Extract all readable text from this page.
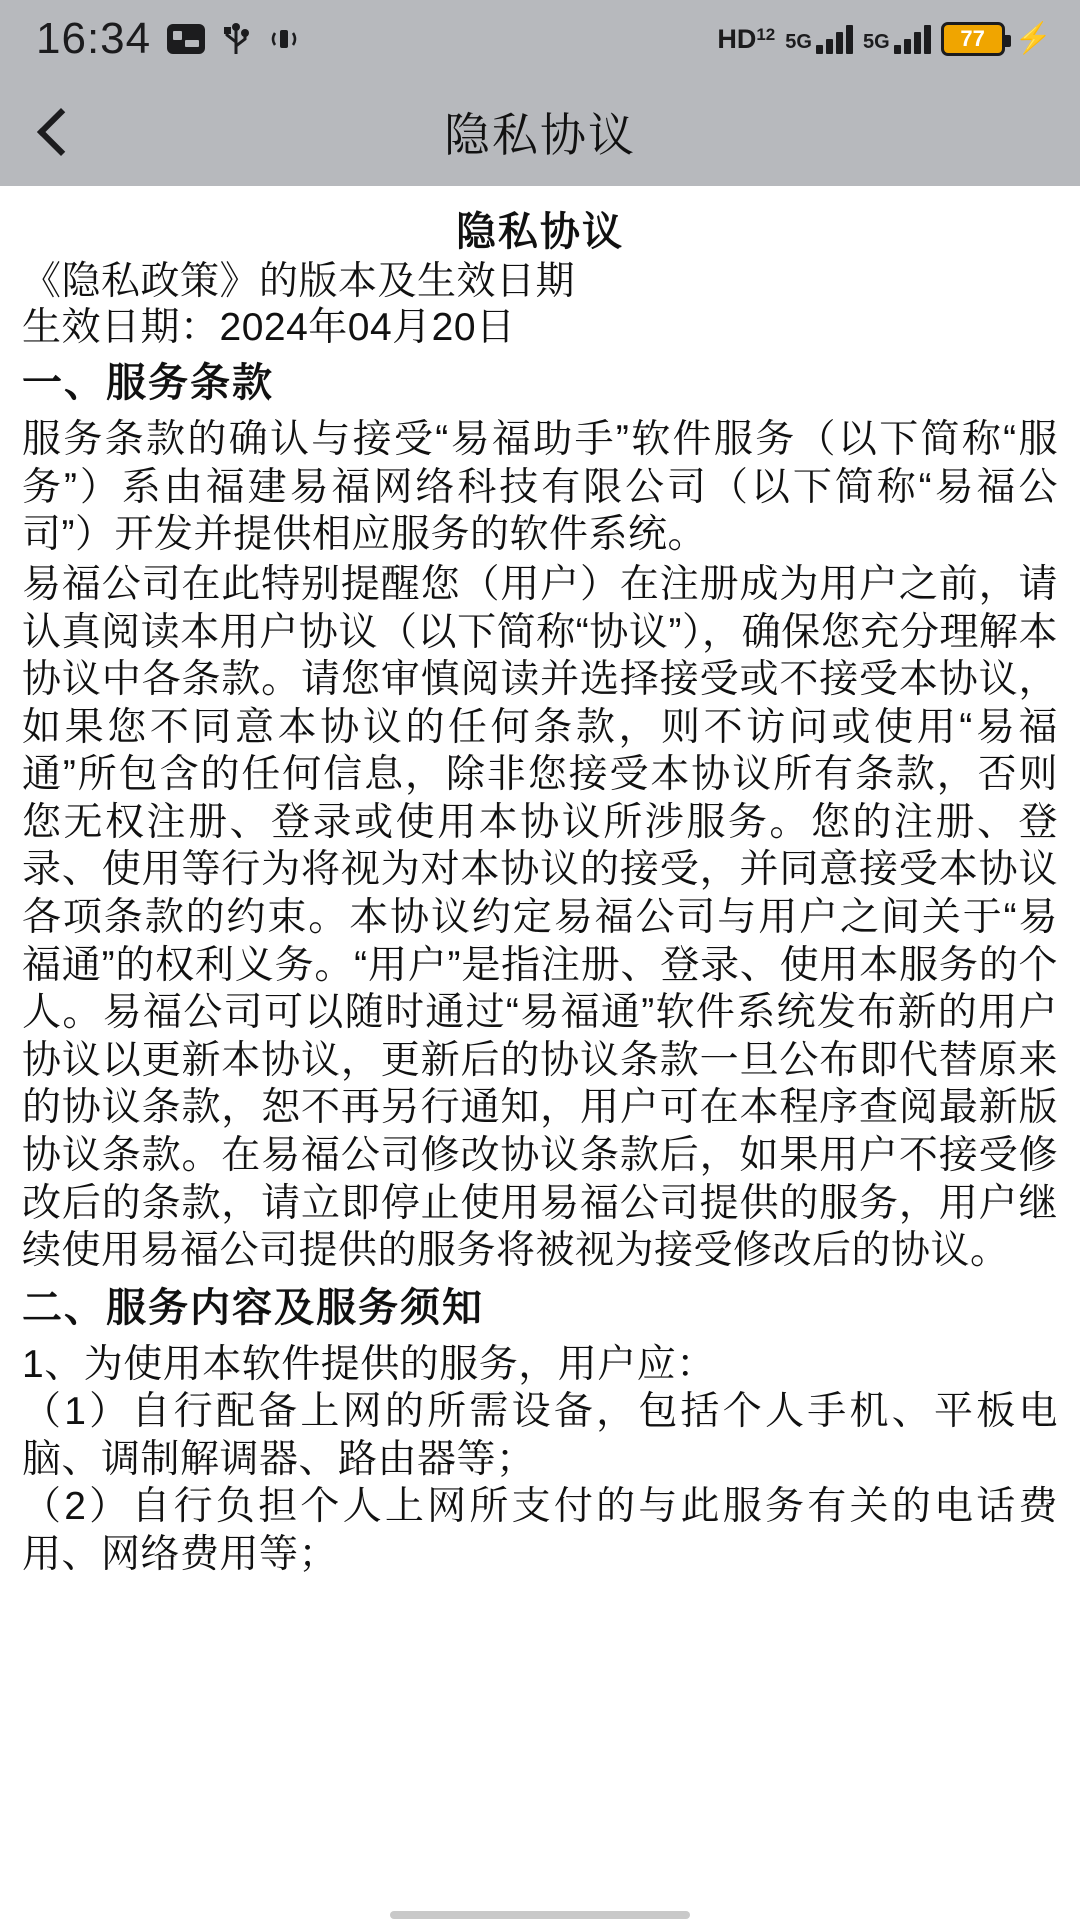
16:34	HD 1 2 5G	5G	77 ⚡
隐私协议
隐私协议
《隐私政策》的版本及生效日期
生效日期：2024年04月20日
一、服务条款
服务条款的确认与接受“易福助手”软件服务（以下简称“服务”）系由福建易福网络科技有限公司（以下简称“易福公司”）开发并提供相应服务的软件系统。
易福公司在此特别提醒您（用户）在注册成为用户之前，请认真阅读本用户协议（以下简称“协议”），确保您充分理解本协议中各条款。请您审慎阅读并选择接受或不接受本协议，如果您不同意本协议的任何条款，则不访问或使用“易福通”所包含的任何信息，除非您接受本协议所有条款，否则您无权注册、登录或使用本协议所涉服务。您的注册、登录、使用等行为将视为对本协议的接受，并同意接受本协议各项条款的约束。本协议约定易福公司与用户之间关于“易福通”的权利义务。“用户”是指注册、登录、使用本服务的个人。易福公司可以随时通过“易福通”软件系统发布新的用户协议以更新本协议，更新后的协议条款一旦公布即代替原来的协议条款，恕不再另行通知，用户可在本程序查阅最新版协议条款。在易福公司修改协议条款后，如果用户不接受修改后的条款，请立即停止使用易福公司提供的服务，用户继续使用易福公司提供的服务将被视为接受修改后的协议。
二、服务内容及服务须知
1、为使用本软件提供的服务，用户应：
（1）自行配备上网的所需设备，包括个人手机、平板电脑、调制解调器、路由器等；
（2）自行负担个人上网所支付的与此服务有关的电话费用、网络费用等；
